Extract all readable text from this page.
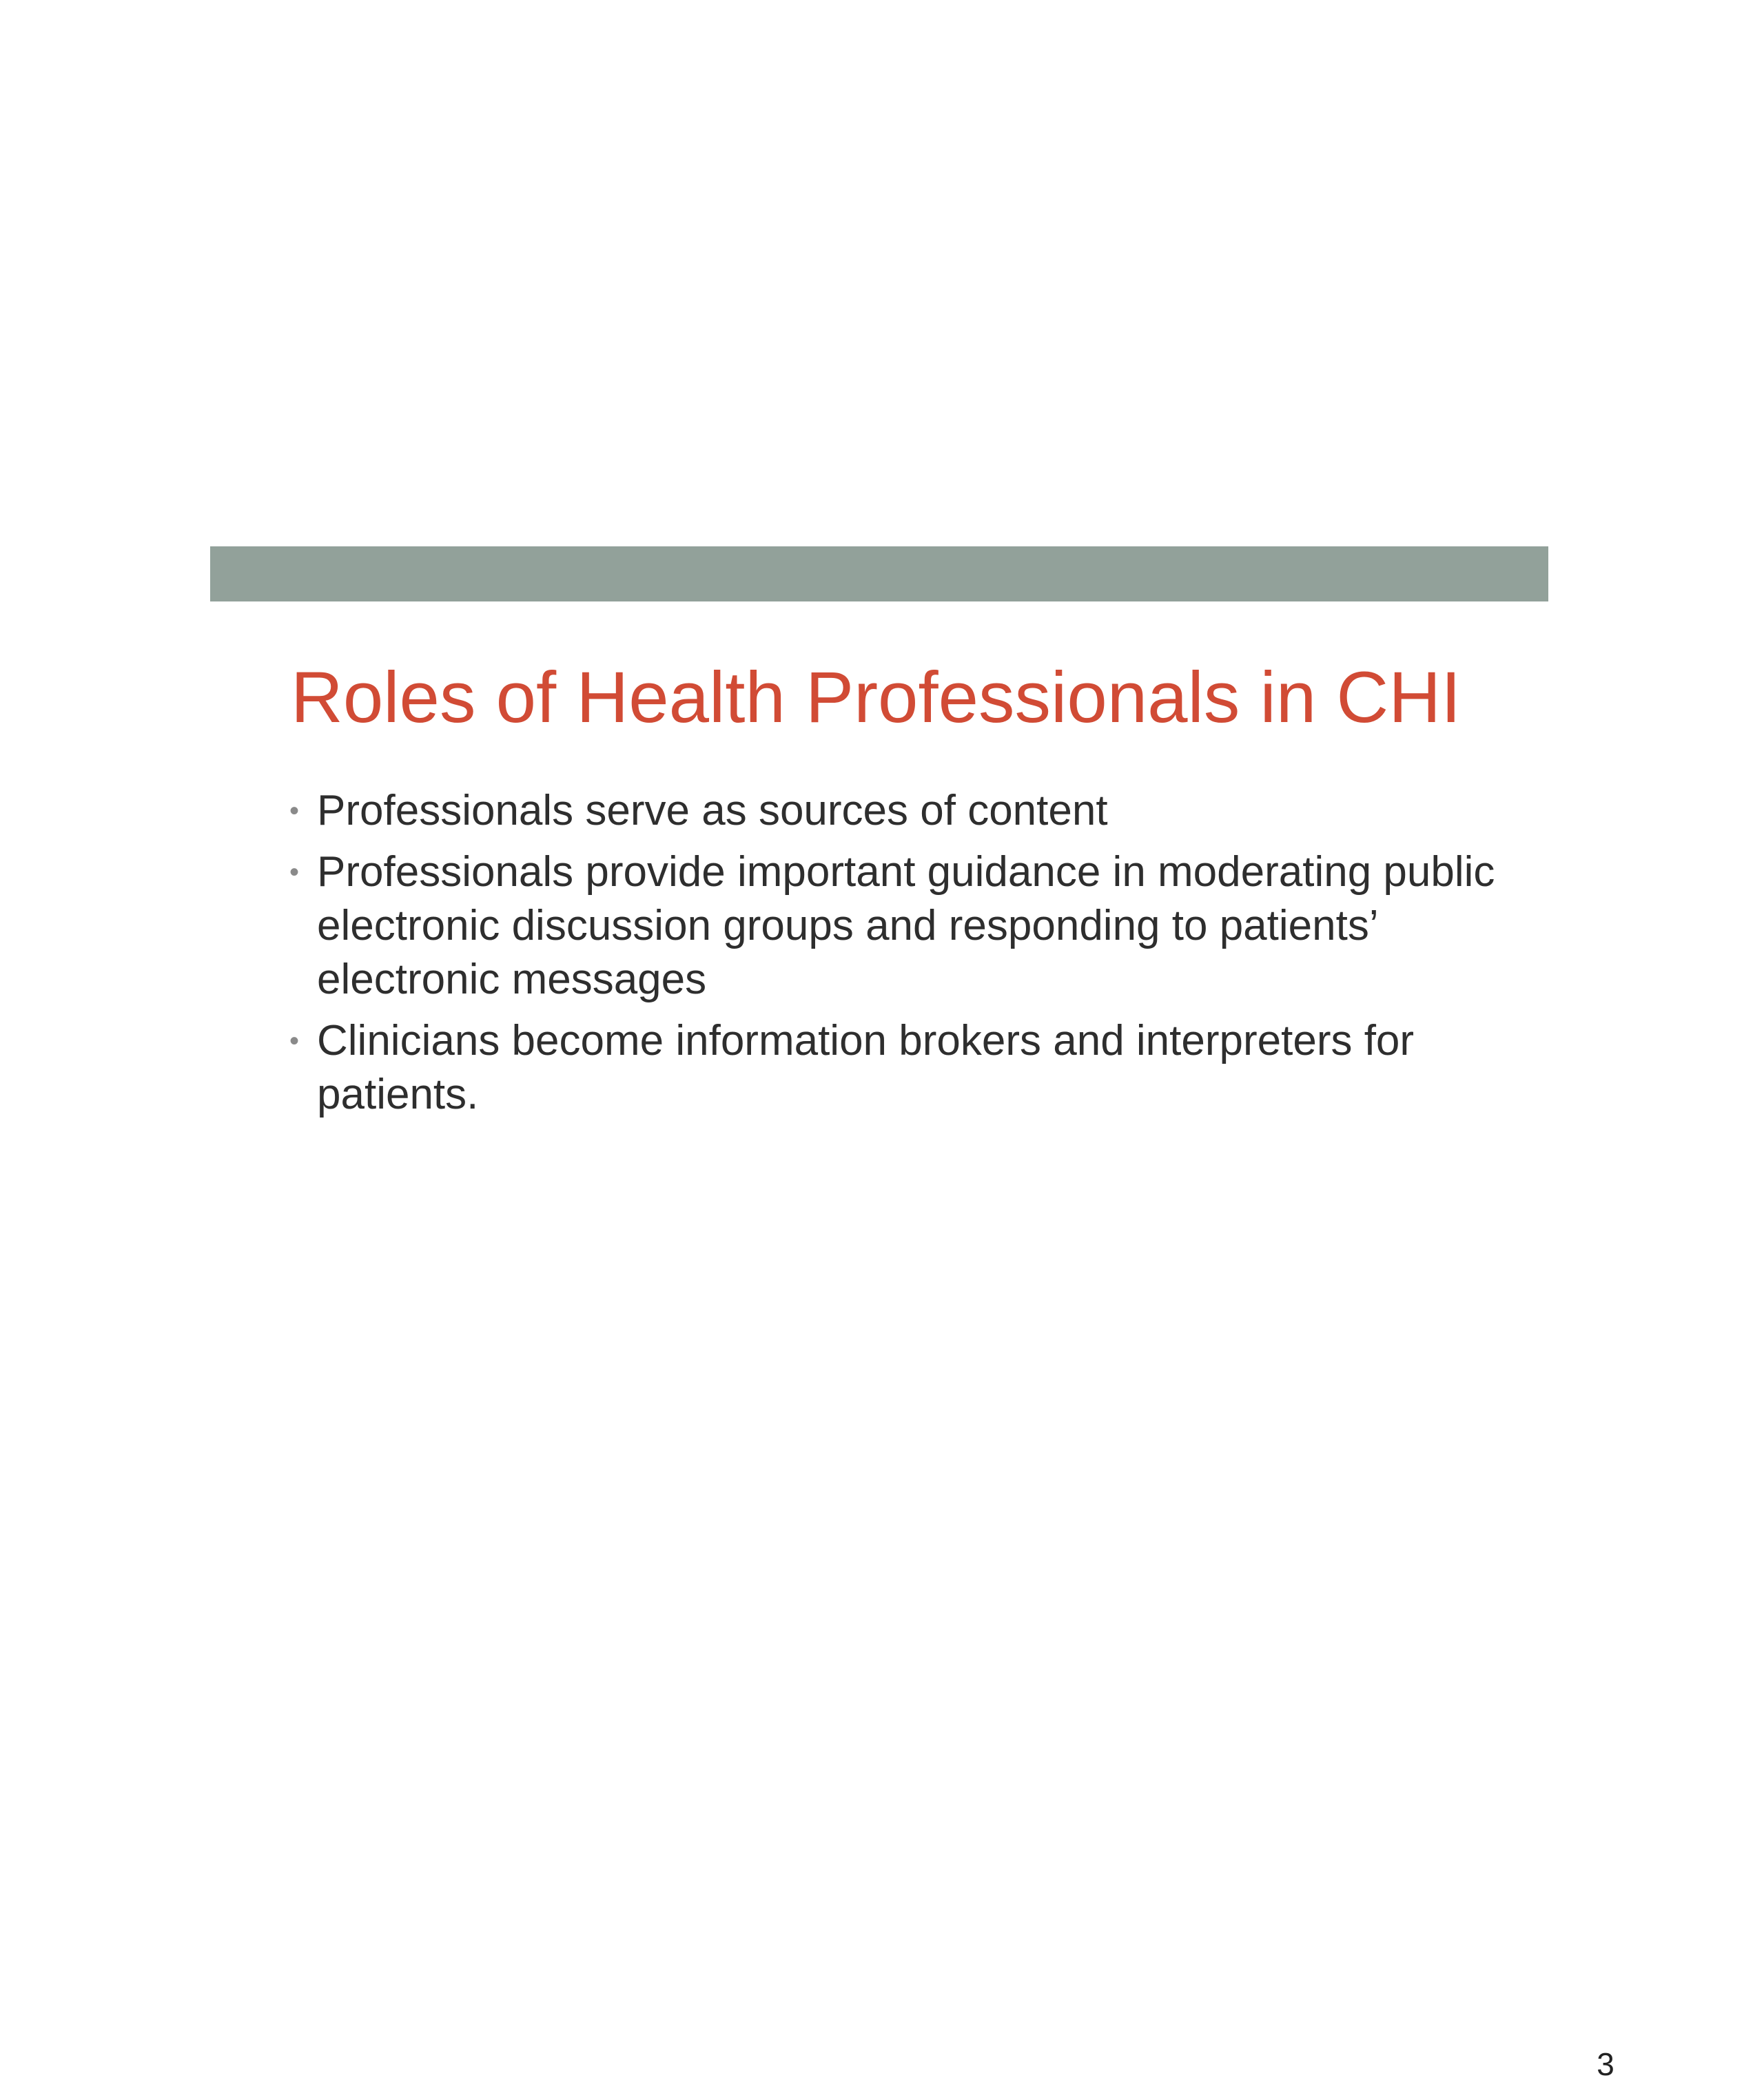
Roles of Health Professionals in CHI
• Professionals serve as sources of content
• Professionals provide important guidance in moderating public electronic discussion groups and responding to patients’ electronic messages
• Clinicians become information brokers and interpreters for patients.
3
